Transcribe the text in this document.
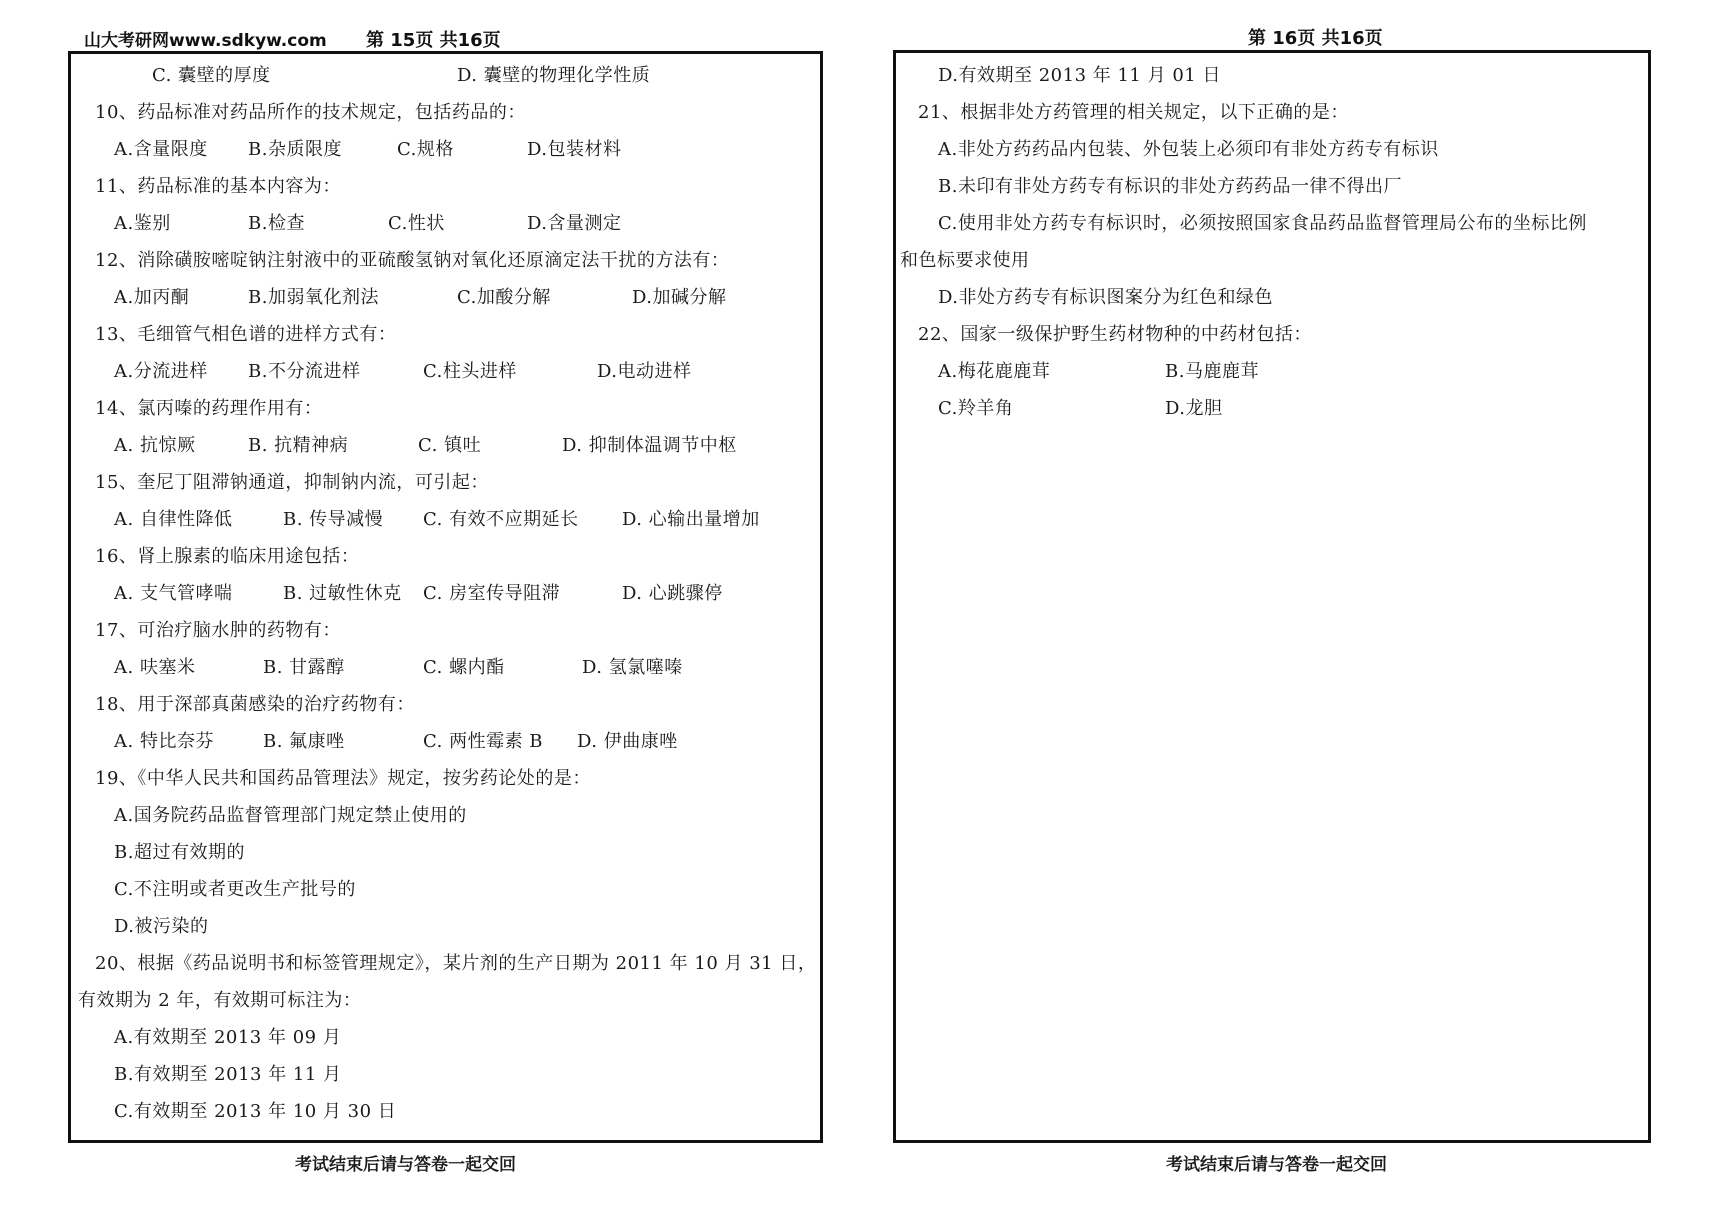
山大考研网www.sdkyw.com 第 15页 共16页	第 16页 共16页
C. 囊壁的厚度	D. 囊壁的物理化学性质
10、药品标准对药品所作的技术规定，包括药品的：
A.含量限度 B.杂质限度	C.规格	D.包装材料
11、药品标准的基本内容为：
A.鉴别	B.检查	C.性状	D.含量测定
12、消除磺胺嘧啶钠注射液中的亚硫酸氢钠对氧化还原滴定法干扰的方法有：
A.加丙酮	B.加弱氧化剂法	C.加酸分解	D.加碱分解
13、毛细管气相色谱的进样方式有：
A.分流进样 B.不分流进样	C.柱头进样	D.电动进样
14、氯丙嗪的药理作用有：
A. 抗惊厥	B. 抗精神病	C. 镇吐	D. 抑制体温调节中枢
15、奎尼丁阻滞钠通道，抑制钠内流，可引起：
A. 自律性降低	B. 传导减慢 C. 有效不应期延长 D. 心输出量增加
16、肾上腺素的临床用途包括：
A. 支气管哮喘	B. 过敏性休克 C. 房室传导阻滞	D. 心跳骤停
17、可治疗脑水肿的药物有：
A. 呋塞米	B. 甘露醇	C. 螺内酯	D. 氢氯噻嗪
18、用于深部真菌感染的治疗药物有：
A. 特比奈芬	B. 氟康唑	C. 两性霉素 B D. 伊曲康唑
19、《中华人民共和国药品管理法》规定，按劣药论处的是：
A.国务院药品监督管理部门规定禁止使用的
B.超过有效期的
C.不注明或者更改生产批号的
D.被污染的
20、根据《药品说明书和标签管理规定》，某片剂的生产日期为 2011 年 10 月 31 日，
有效期为 2 年，有效期可标注为：
A.有效期至 2013 年 09 月
B.有效期至 2013 年 11 月
C.有效期至 2013 年 10 月 30 日
D.有效期至 2013 年 11 月 01 日
21、根据非处方药管理的相关规定，以下正确的是：
A.非处方药药品内包装、外包装上必须印有非处方药专有标识
B.未印有非处方药专有标识的非处方药药品一律不得出厂
C.使用非处方药专有标识时，必须按照国家食品药品监督管理局公布的坐标比例
和色标要求使用
D.非处方药专有标识图案分为红色和绿色
22、国家一级保护野生药材物种的中药材包括：
A.梅花鹿鹿茸	B.马鹿鹿茸
C.羚羊角	D.龙胆
考试结束后请与答卷一起交回	考试结束后请与答卷一起交回
